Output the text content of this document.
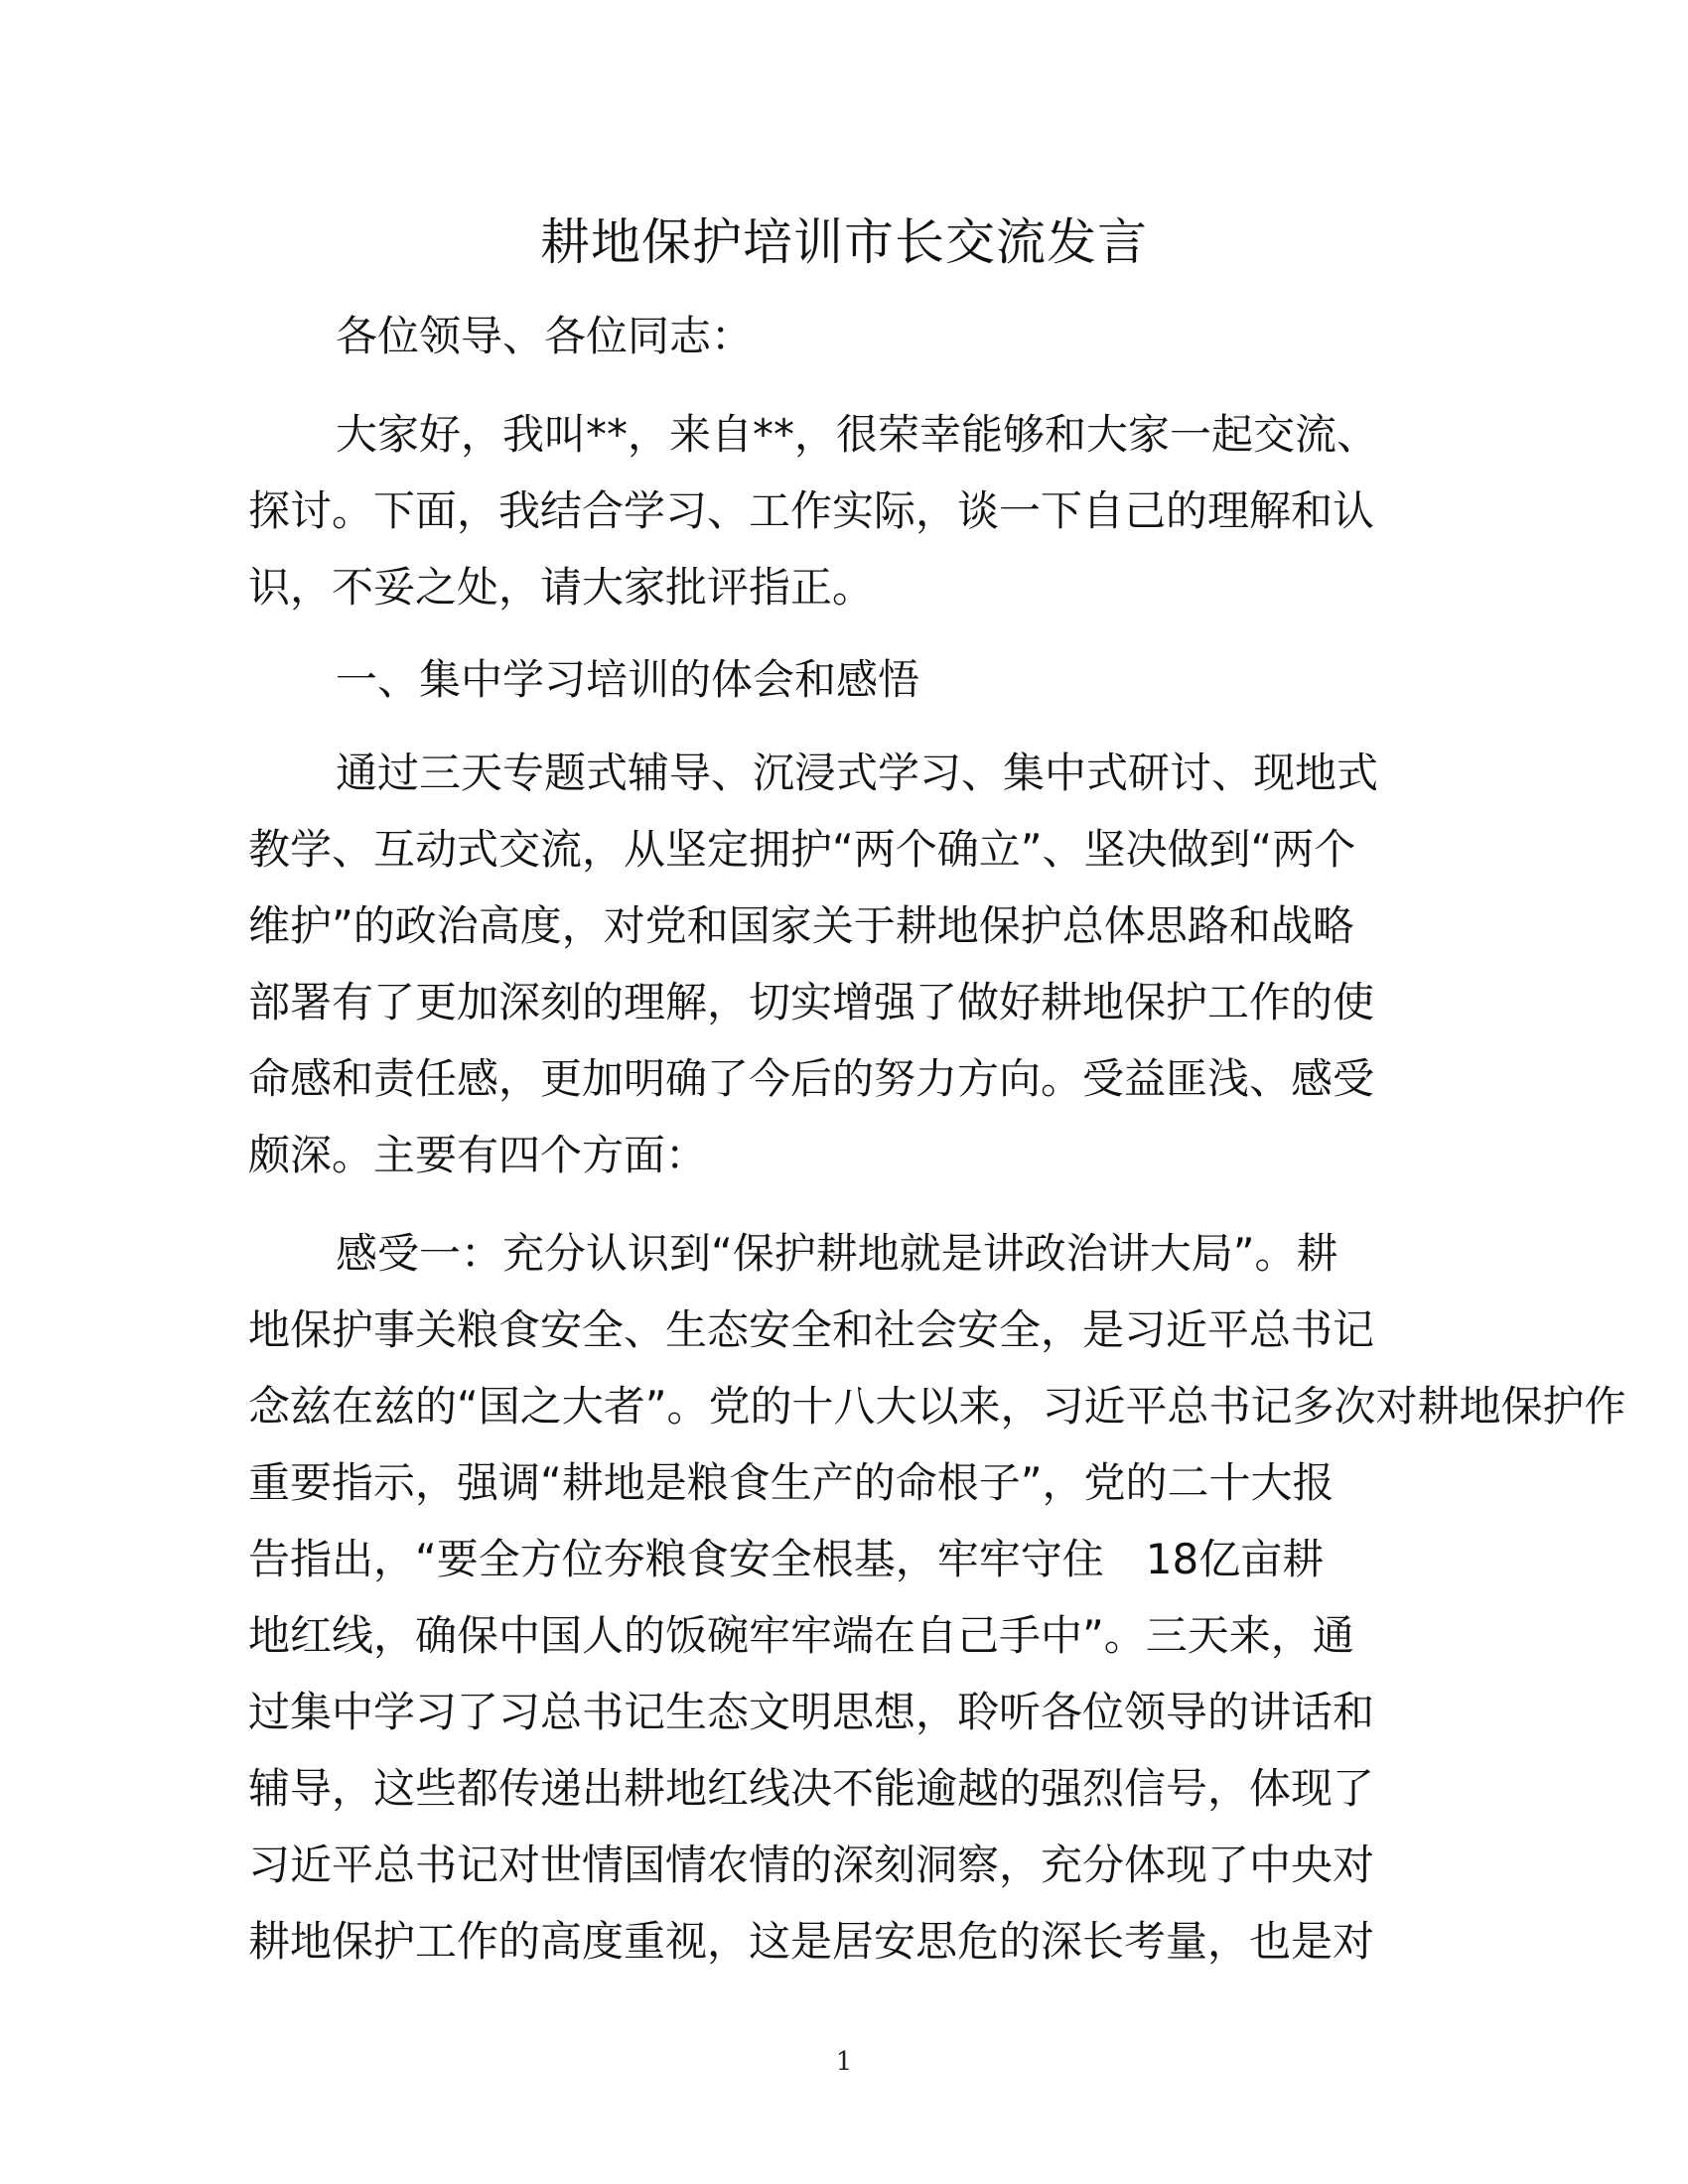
耕地保护培训市长交流发言
各位领导、各位同志：
大家好，我叫**，来自**，很荣幸能够和大家一起交流、
探讨。下面，我结合学习、工作实际，谈一下自己的理解和认
识，不妥之处，请大家批评指正。
一、集中学习培训的体会和感悟
通过三天专题式辅导、沉浸式学习、集中式研讨、现地式
教学、互动式交流，从坚定拥护“两个确立”、坚决做到“两个
维护”的政治高度，对党和国家关于耕地保护总体思路和战略
部署有了更加深刻的理解，切实增强了做好耕地保护工作的使
命感和责任感，更加明确了今后的努力方向。受益匪浅、感受
颇深。主要有四个方面：
感受一：充分认识到“保护耕地就是讲政治讲大局”。耕
地保护事关粮食安全、生态安全和社会安全，是习近平总书记
念兹在兹的“国之大者”。党的十八大以来，习近平总书记多次对耕地保护作
重要指示，强调“耕地是粮食生产的命根子”，党的二十大报
告指出，“要全方位夯粮食安全根基，牢牢守住　18亿亩耕
地红线，确保中国人的饭碗牢牢端在自己手中”。三天来，通
过集中学习了习总书记生态文明思想，聆听各位领导的讲话和
辅导，这些都传递出耕地红线决不能逾越的强烈信号，体现了
习近平总书记对世情国情农情的深刻洞察，充分体现了中央对
耕地保护工作的高度重视，这是居安思危的深长考量，也是对
1
